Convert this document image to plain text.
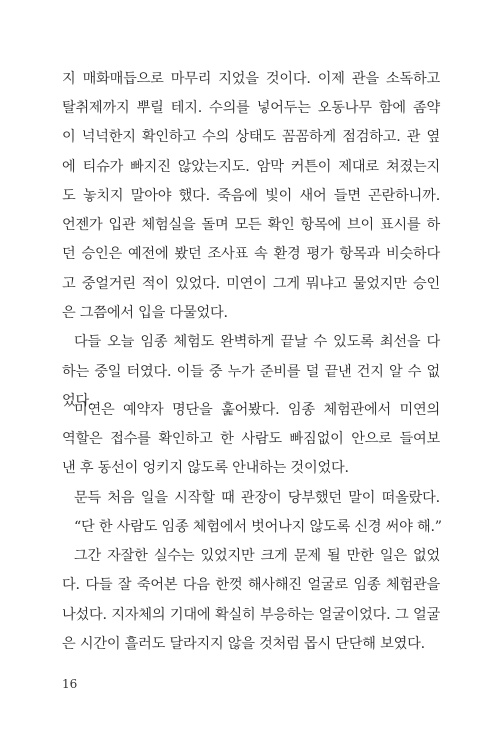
지 매화매듭으로 마무리 지었을 것이다. 이제 관을 소독하고
탈취제까지 뿌릴 테지. 수의를 넣어두는 오동나무 함에 좀약
이 넉넉한지 확인하고 수의 상태도 꼼꼼하게 점검하고. 관 옆
에 티슈가 빠지진 않았는지도. 암막 커튼이 제대로 쳐졌는지
도 놓치지 말아야 했다. 죽음에 빛이 새어 들면 곤란하니까.
언젠가 입관 체험실을 돌며 모든 확인 항목에 브이 표시를 하
던 승인은 예전에 봤던 조사표 속 환경 평가 항목과 비슷하다
고 중얼거린 적이 있었다. 미연이 그게 뭐냐고 물었지만 승인
은 그쯤에서 입을 다물었다.
다들 오늘 임종 체험도 완벽하게 끝날 수 있도록 최선을 다
하는 중일 터였다. 이들 중 누가 준비를 덜 끝낸 건지 알 수 없
었다.
미연은 예약자 명단을 훑어봤다. 임종 체험관에서 미연의
역할은 접수를 확인하고 한 사람도 빠짐없이 안으로 들여보
낸 후 동선이 엉키지 않도록 안내하는 것이었다.
문득 처음 일을 시작할 때 관장이 당부했던 말이 떠올랐다.
“단 한 사람도 임종 체험에서 벗어나지 않도록 신경 써야 해.”
그간 자잘한 실수는 있었지만 크게 문제 될 만한 일은 없었
다. 다들 잘 죽어본 다음 한껏 해사해진 얼굴로 임종 체험관을
나섰다. 지자체의 기대에 확실히 부응하는 얼굴이었다. 그 얼굴
은 시간이 흘러도 달라지지 않을 것처럼 몹시 단단해 보였다.
16
